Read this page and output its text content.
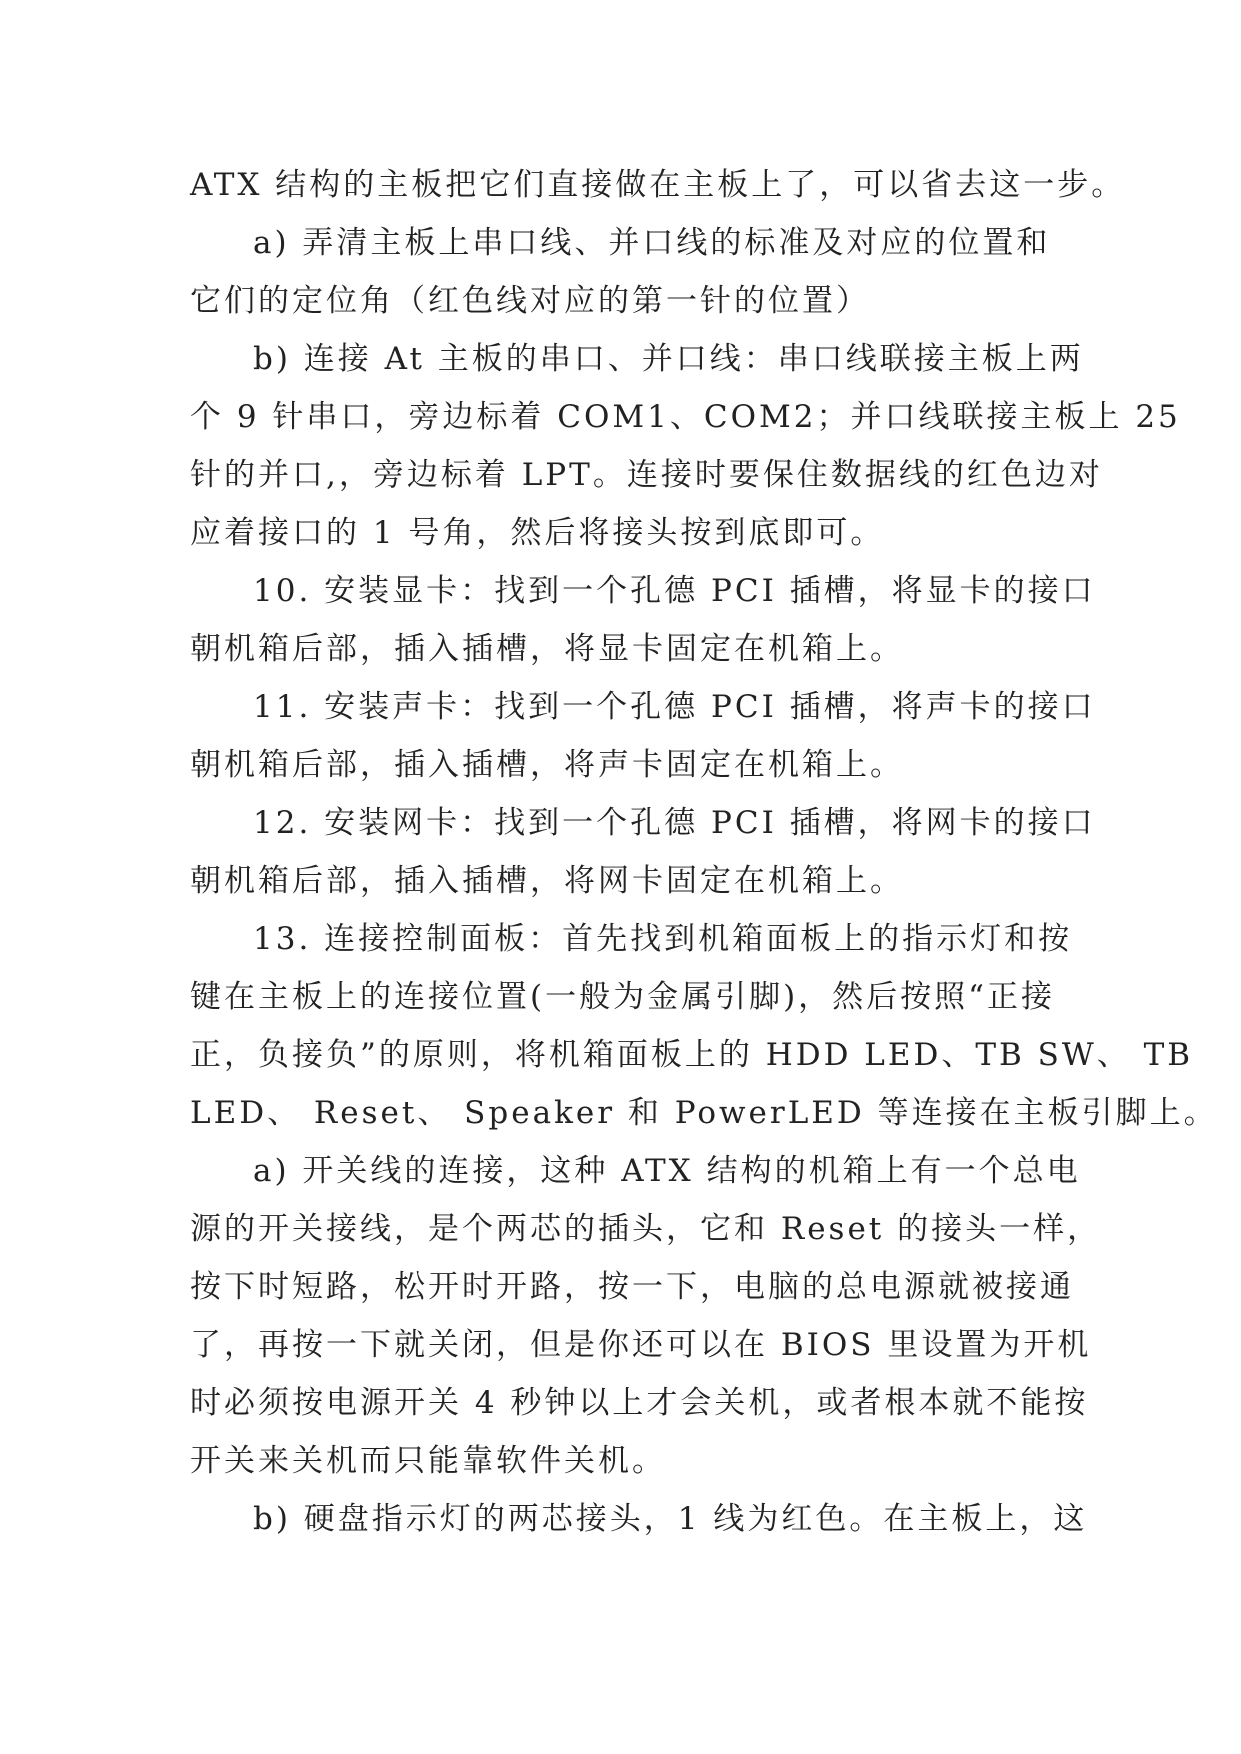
ATX 结构的主板把它们直接做在主板上了，可以省去这一步。
a) 弄清主板上串口线、并口线的标准及对应的位置和
它们的定位角（红色线对应的第一针的位置）
b) 连接 At 主板的串口、并口线：串口线联接主板上两
个 9 针串口，旁边标着 COM1、COM2；并口线联接主板上 25
针的并口,，旁边标着 LPT。连接时要保住数据线的红色边对
应着接口的 1 号角，然后将接头按到底即可。
10. 安装显卡：找到一个孔德 PCI 插槽，将显卡的接口
朝机箱后部，插入插槽，将显卡固定在机箱上。
11. 安装声卡：找到一个孔德 PCI 插槽，将声卡的接口
朝机箱后部，插入插槽，将声卡固定在机箱上。
12. 安装网卡：找到一个孔德 PCI 插槽，将网卡的接口
朝机箱后部，插入插槽，将网卡固定在机箱上。
13. 连接控制面板：首先找到机箱面板上的指示灯和按
键在主板上的连接位置(一般为金属引脚)，然后按照“正接
正，负接负”的原则，将机箱面板上的 HDD LED、TB SW、 TB
LED、 Reset、 Speaker 和 PowerLED 等连接在主板引脚上。
a) 开关线的连接，这种 ATX 结构的机箱上有一个总电
源的开关接线，是个两芯的插头，它和 Reset 的接头一样，
按下时短路，松开时开路，按一下，电脑的总电源就被接通
了，再按一下就关闭，但是你还可以在 BIOS 里设置为开机
时必须按电源开关 4 秒钟以上才会关机，或者根本就不能按
开关来关机而只能靠软件关机。
b) 硬盘指示灯的两芯接头，1 线为红色。在主板上，这
